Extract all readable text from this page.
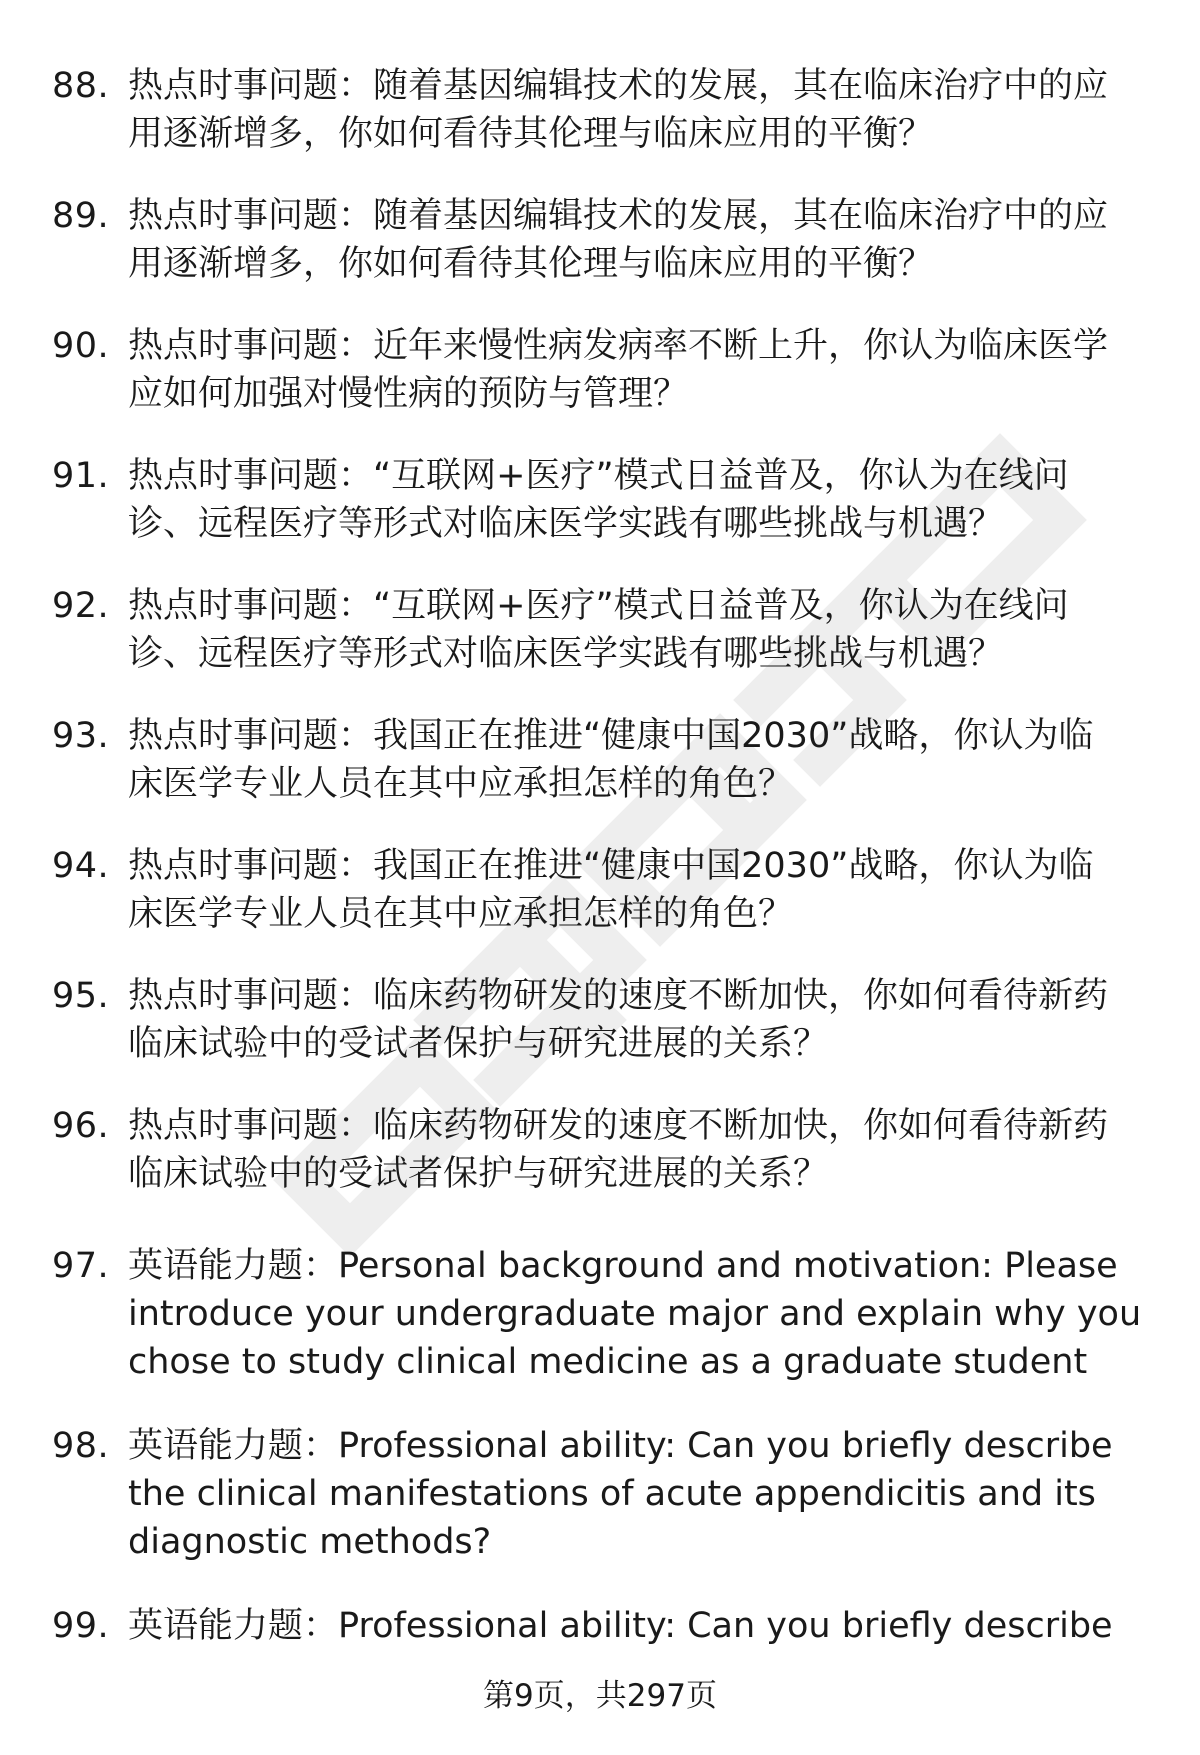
88. 热点时事问题：随着基因编辑技术的发展，其在临床治疗中的应
用逐渐增多，你如何看待其伦理与临床应用的平衡？
89. 热点时事问题：随着基因编辑技术的发展，其在临床治疗中的应
用逐渐增多，你如何看待其伦理与临床应用的平衡？
90. 热点时事问题：近年来慢性病发病率不断上升，你认为临床医学
应如何加强对慢性病的预防与管理？
91. 热点时事问题：“互联网+医疗”模式日益普及，你认为在线问
诊、远程医疗等形式对临床医学实践有哪些挑战与机遇？
92. 热点时事问题：“互联网+医疗”模式日益普及，你认为在线问
诊、远程医疗等形式对临床医学实践有哪些挑战与机遇？
93. 热点时事问题：我国正在推进“健康中国2030”战略，你认为临
床医学专业人员在其中应承担怎样的角色？
94. 热点时事问题：我国正在推进“健康中国2030”战略，你认为临
床医学专业人员在其中应承担怎样的角色？
95. 热点时事问题：临床药物研发的速度不断加快，你如何看待新药
临床试验中的受试者保护与研究进展的关系？
96. 热点时事问题：临床药物研发的速度不断加快，你如何看待新药
临床试验中的受试者保护与研究进展的关系？
97. 英语能力题：Personal background and motivation: Please
introduce your undergraduate major and explain why you
chose to study clinical medicine as a graduate student
98. 英语能力题：Professional ability: Can you briefly describe
the clinical manifestations of acute appendicitis and its
diagnostic methods?
99. 英语能力题：Professional ability: Can you briefly describe
第9页，共297页
